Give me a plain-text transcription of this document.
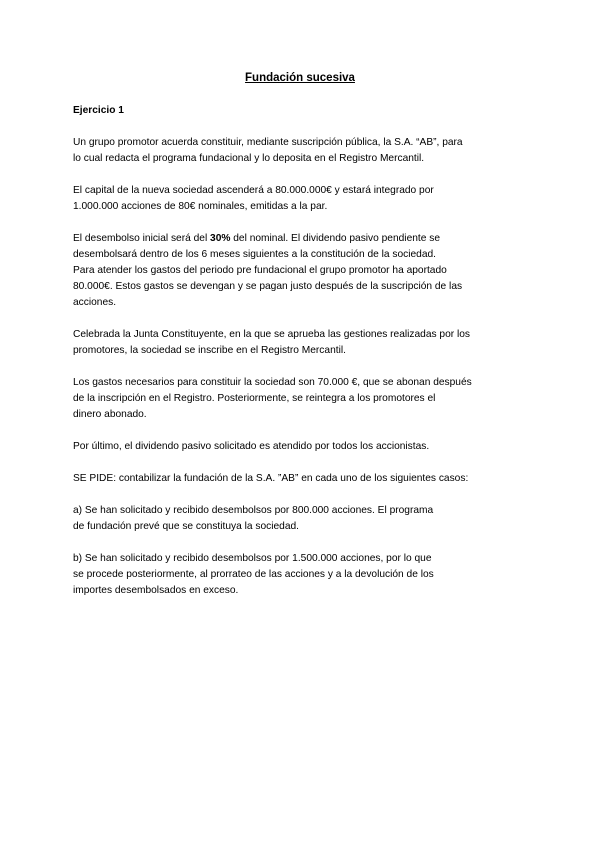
Fundación sucesiva

Ejercicio 1

Un grupo promotor acuerda constituir, mediante suscripción pública, la S.A. “AB”, para
lo cual redacta el programa fundacional y lo deposita en el Registro Mercantil.

El capital de la nueva sociedad ascenderá a 80.000.000€ y estará integrado por
1.000.000 acciones de 80€ nominales, emitidas a la par.

El desembolso inicial será del 30% del nominal. El dividendo pasivo pendiente se
desembolsará dentro de los 6 meses siguientes a la constitución de la sociedad.
Para atender los gastos del periodo pre fundacional el grupo promotor ha aportado
80.000€. Estos gastos se devengan y se pagan justo después de la suscripción de las
acciones.

Celebrada la Junta Constituyente, en la que se aprueba las gestiones realizadas por los
promotores, la sociedad se inscribe en el Registro Mercantil.

Los gastos necesarios para constituir la sociedad son 70.000 €, que se abonan después
de la inscripción en el Registro. Posteriormente, se reintegra a los promotores el
dinero abonado.

Por último, el dividendo pasivo solicitado es atendido por todos los accionistas.

SE PIDE: contabilizar la fundación de la S.A. ”AB” en cada uno de los siguientes casos:

a) Se han solicitado y recibido desembolsos por 800.000 acciones. El programa
de fundación prevé que se constituya la sociedad.

b) Se han solicitado y recibido desembolsos por 1.500.000 acciones, por lo que
se procede posteriormente, al prorrateo de las acciones y a la devolución de los
importes desembolsados en exceso.
